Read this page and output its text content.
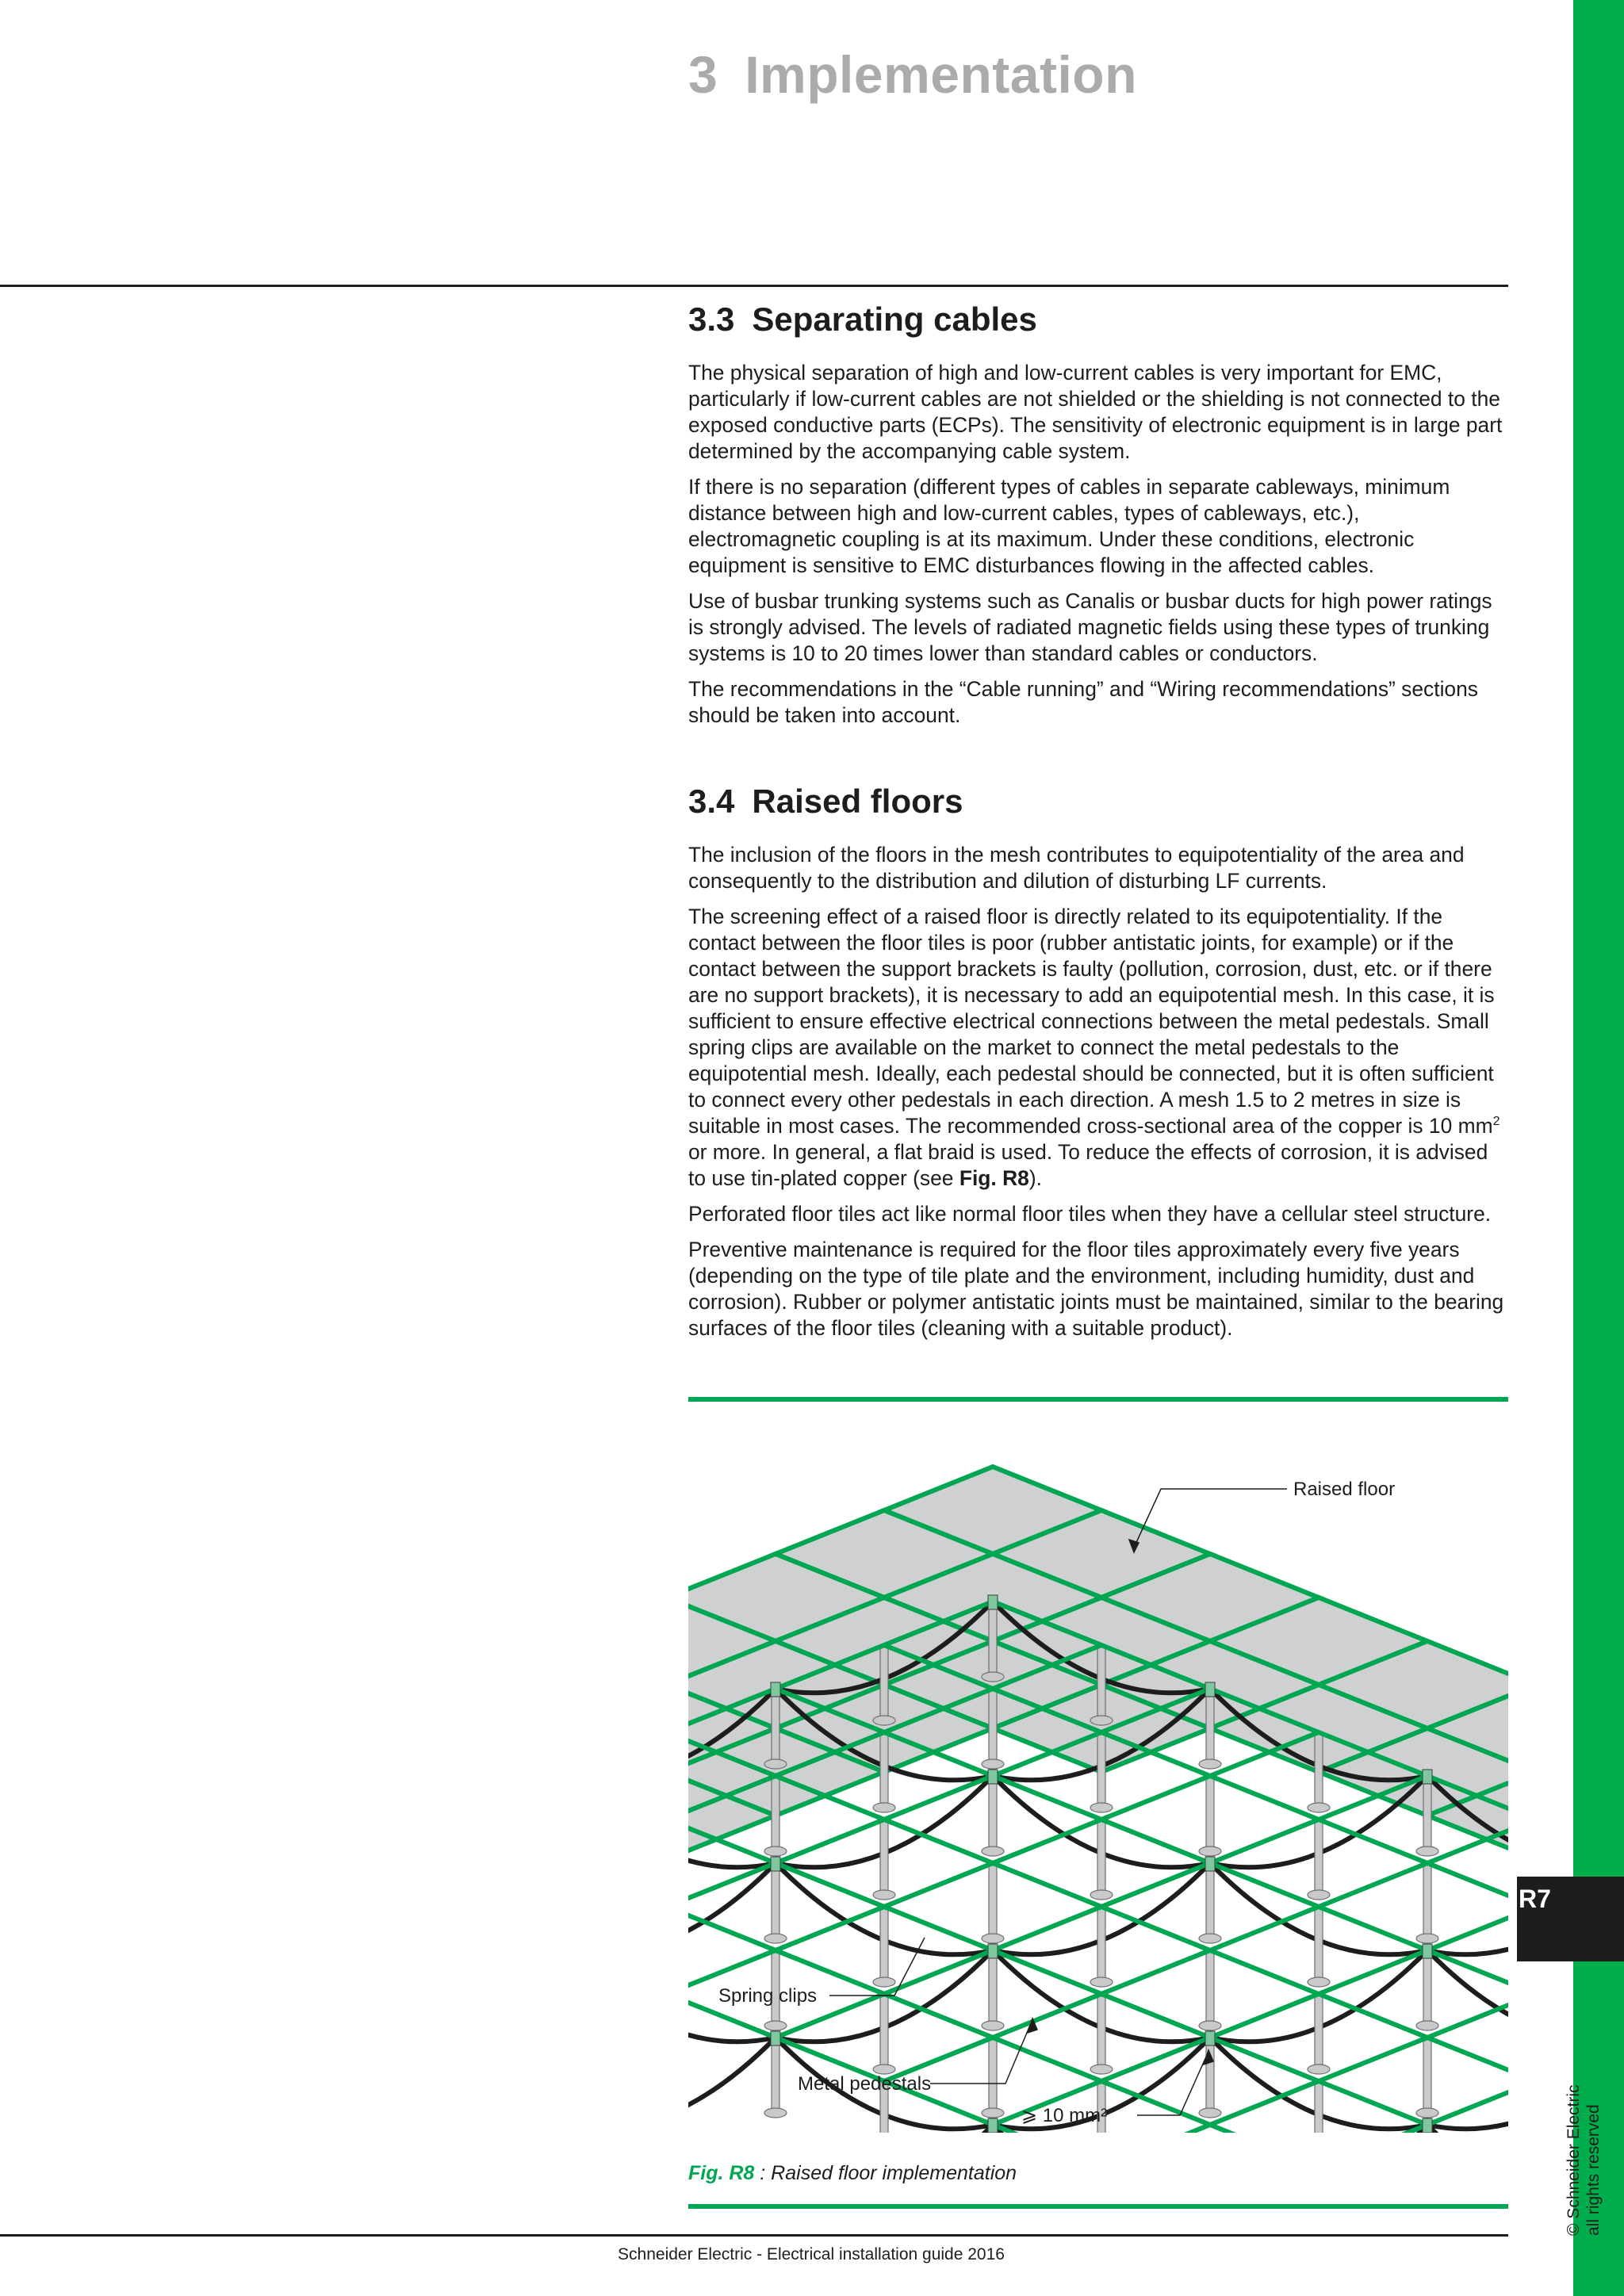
3 Implementation
3.3 Separating cables

The physical separation of high and low-current cables is very important for EMC, particularly if low-current cables are not shielded or the shielding is not connected to the exposed conductive parts (ECPs). The sensitivity of electronic equipment is in large part determined by the accompanying cable system.

If there is no separation (different types of cables in separate cableways, minimum distance between high and low-current cables, types of cableways, etc.), electromagnetic coupling is at its maximum. Under these conditions, electronic equipment is sensitive to EMC disturbances flowing in the affected cables.

Use of busbar trunking systems such as Canalis or busbar ducts for high power ratings is strongly advised. The levels of radiated magnetic fields using these types of trunking systems is 10 to 20 times lower than standard cables or conductors.

The recommendations in the “Cable running” and “Wiring recommendations” sections should be taken into account.

3.4 Raised floors

The inclusion of the floors in the mesh contributes to equipotentiality of the area and consequently to the distribution and dilution of disturbing LF currents.

The screening effect of a raised floor is directly related to its equipotentiality. If the contact between the floor tiles is poor (rubber antistatic joints, for example) or if the contact between the support brackets is faulty (pollution, corrosion, dust, etc. or if there are no support brackets), it is necessary to add an equipotential mesh. In this case, it is sufficient to ensure effective electrical connections between the metal pedestals. Small spring clips are available on the market to connect the metal pedestals to the equipotential mesh. Ideally, each pedestal should be connected, but it is often sufficient to connect every other pedestals in each direction. A mesh 1.5 to 2 metres in size is suitable in most cases. The recommended cross-sectional area of the copper is 10 $mm^2$ or more. In general, a flat braid is used. To reduce the effects of corrosion, it is advised to use tin-plated copper (see Fig. R8).

Perforated floor tiles act like normal floor tiles when they have a cellular steel structure.

Preventive maintenance is required for the floor tiles approximately every five years (depending on the type of tile plate and the environment, including humidity, dust and corrosion). Rubber or polymer antistatic joints must be maintained, similar to the bearing surfaces of the floor tiles (cleaning with a suitable product).

Raised floor
Spring clips
Metal pedestals
⩾ 10 mm²
Fig. R8 : Raised floor implementation
R7
© Schneider Electric all rights reserved
Schneider Electric - Electrical installation guide 2016
